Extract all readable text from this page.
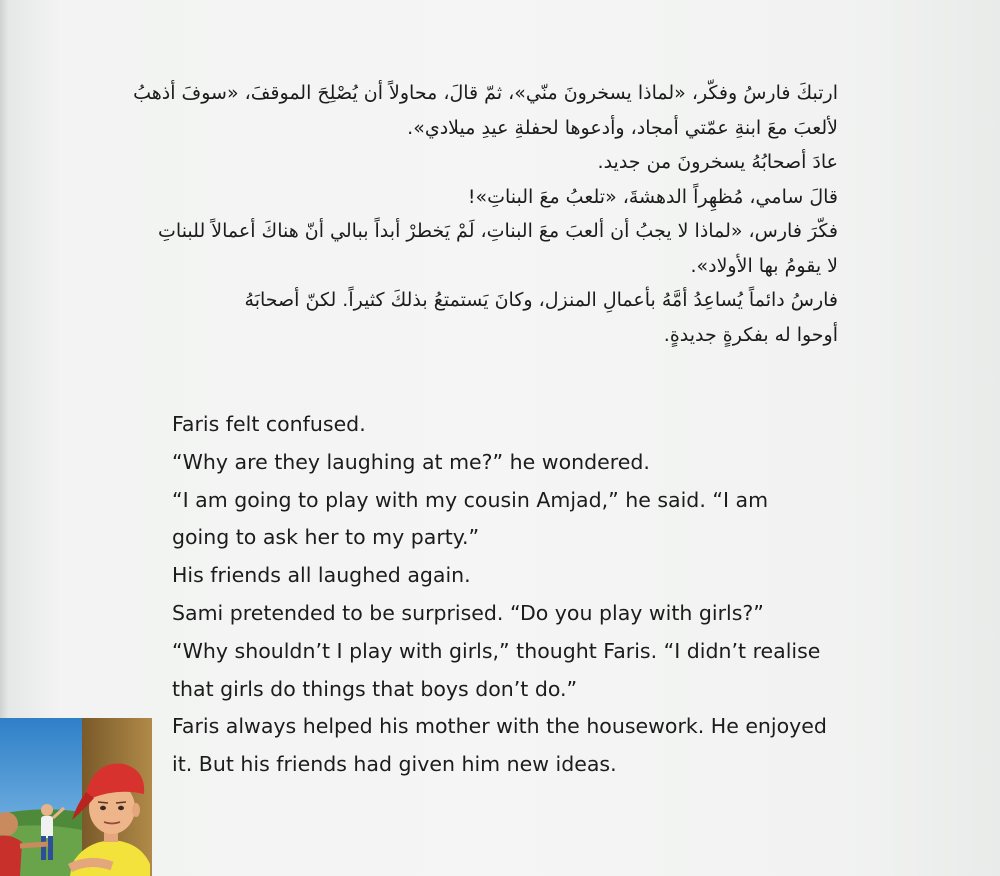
ارتبكَ فارسُ وفكّر، «لماذا يسخرونَ منّي»، ثمّ قالَ، محاولاً أن يُصْلِحَ الموقفَ، «سوفَ أذهبُ

لألعبَ معَ ابنةِ عمّتي أمجاد، وأدعوها لحفلةِ عيدِ ميلادي».

عادَ أصحابُهُ يسخرونَ من جديد.

قالَ سامي، مُظهِراً الدهشةَ، «تلعبُ معَ البناتِ»!

فكّرَ فارس، «لماذا لا يجبُ أن ألعبَ معَ البناتِ، لَمْ يَخطرْ أبداً ببالي أنّ هناكَ أعمالاً للبناتِ

لا يقومُ بها الأولاد».

فارسُ دائماً يُساعِدُ أمَّهُ بأعمالِ المنزل، وكانَ يَستمتعُ بذلكَ كثيراً. لكنّ أصحابَهُ

أوحوا له بفكرةٍ جديدةٍ.

Faris felt confused.

“Why are they laughing at me?” he wondered.

“I am going to play with my cousin Amjad,” he said. “I am

going to ask her to my party.”

His friends all laughed again.

Sami pretended to be surprised. “Do you play with girls?”

“Why shouldn’t I play with girls,” thought Faris. “I didn’t realise

that girls do things that boys don’t do.”

Faris always helped his mother with the housework. He enjoyed

it. But his friends had given him new ideas.
